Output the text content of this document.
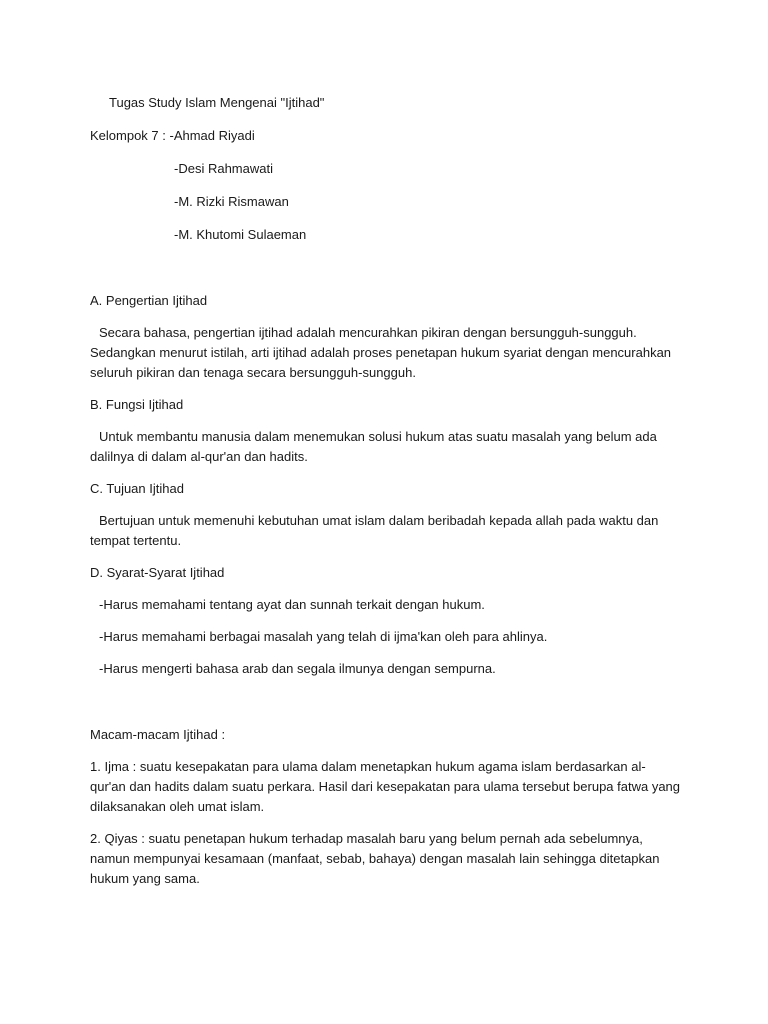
Tugas Study Islam Mengenai "Ijtihad"

Kelompok 7 : -Ahmad Riyadi

-Desi Rahmawati

-M. Rizki Rismawan

-M. Khutomi Sulaeman

A. Pengertian Ijtihad

Secara bahasa, pengertian ijtihad adalah mencurahkan pikiran dengan bersungguh-sungguh. Sedangkan menurut istilah, arti ijtihad adalah proses penetapan hukum syariat dengan mencurahkan seluruh pikiran dan tenaga secara bersungguh-sungguh.

B. Fungsi Ijtihad

Untuk membantu manusia dalam menemukan solusi hukum atas suatu masalah yang belum ada dalilnya di dalam al-qur'an dan hadits.

C. Tujuan Ijtihad

Bertujuan untuk memenuhi kebutuhan umat islam dalam beribadah kepada allah pada waktu dan tempat tertentu.

D. Syarat-Syarat Ijtihad

-Harus memahami tentang ayat dan sunnah terkait dengan hukum.

-Harus memahami berbagai masalah yang telah di ijma'kan oleh para ahlinya.

-Harus mengerti bahasa arab dan segala ilmunya dengan sempurna.

Macam-macam Ijtihad :

1. Ijma : suatu kesepakatan para ulama dalam menetapkan hukum agama islam berdasarkan al-qur'an dan hadits dalam suatu perkara. Hasil dari kesepakatan para ulama tersebut berupa fatwa yang dilaksanakan oleh umat islam.

2. Qiyas : suatu penetapan hukum terhadap masalah baru yang belum pernah ada sebelumnya, namun mempunyai kesamaan (manfaat, sebab, bahaya) dengan masalah lain sehingga ditetapkan hukum yang sama.
